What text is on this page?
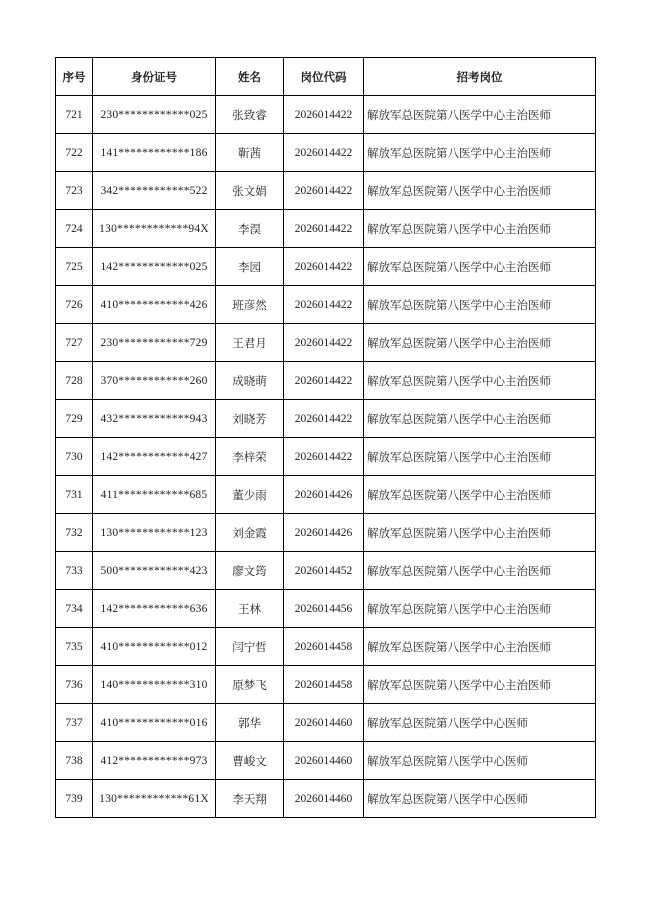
序号	身份证号	姓名	岗位代码	招考岗位
721	230************025	张致睿	2026014422	解放军总医院第八医学中心主治医师
722	141************186	靳茜	2026014422	解放军总医院第八医学中心主治医师
723	342************522	张文娟	2026014422	解放军总医院第八医学中心主治医师
724	130************94X	李淏	2026014422	解放军总医院第八医学中心主治医师
725	142************025	李园	2026014422	解放军总医院第八医学中心主治医师
726	410************426	班彦然	2026014422	解放军总医院第八医学中心主治医师
727	230************729	王君月	2026014422	解放军总医院第八医学中心主治医师
728	370************260	成晓萌	2026014422	解放军总医院第八医学中心主治医师
729	432************943	刘晓芳	2026014422	解放军总医院第八医学中心主治医师
730	142************427	李梓荣	2026014422	解放军总医院第八医学中心主治医师
731	411************685	董少雨	2026014426	解放军总医院第八医学中心主治医师
732	130************123	刘金霞	2026014426	解放军总医院第八医学中心主治医师
733	500************423	廖文筠	2026014452	解放军总医院第八医学中心主治医师
734	142************636	王林	2026014456	解放军总医院第八医学中心主治医师
735	410************012	闫宁哲	2026014458	解放军总医院第八医学中心主治医师
736	140************310	原梦飞	2026014458	解放军总医院第八医学中心主治医师
737	410************016	郭华	2026014460	解放军总医院第八医学中心医师
738	412************973	曹峻文	2026014460	解放军总医院第八医学中心医师
739	130************61X	李天翔	2026014460	解放军总医院第八医学中心医师
